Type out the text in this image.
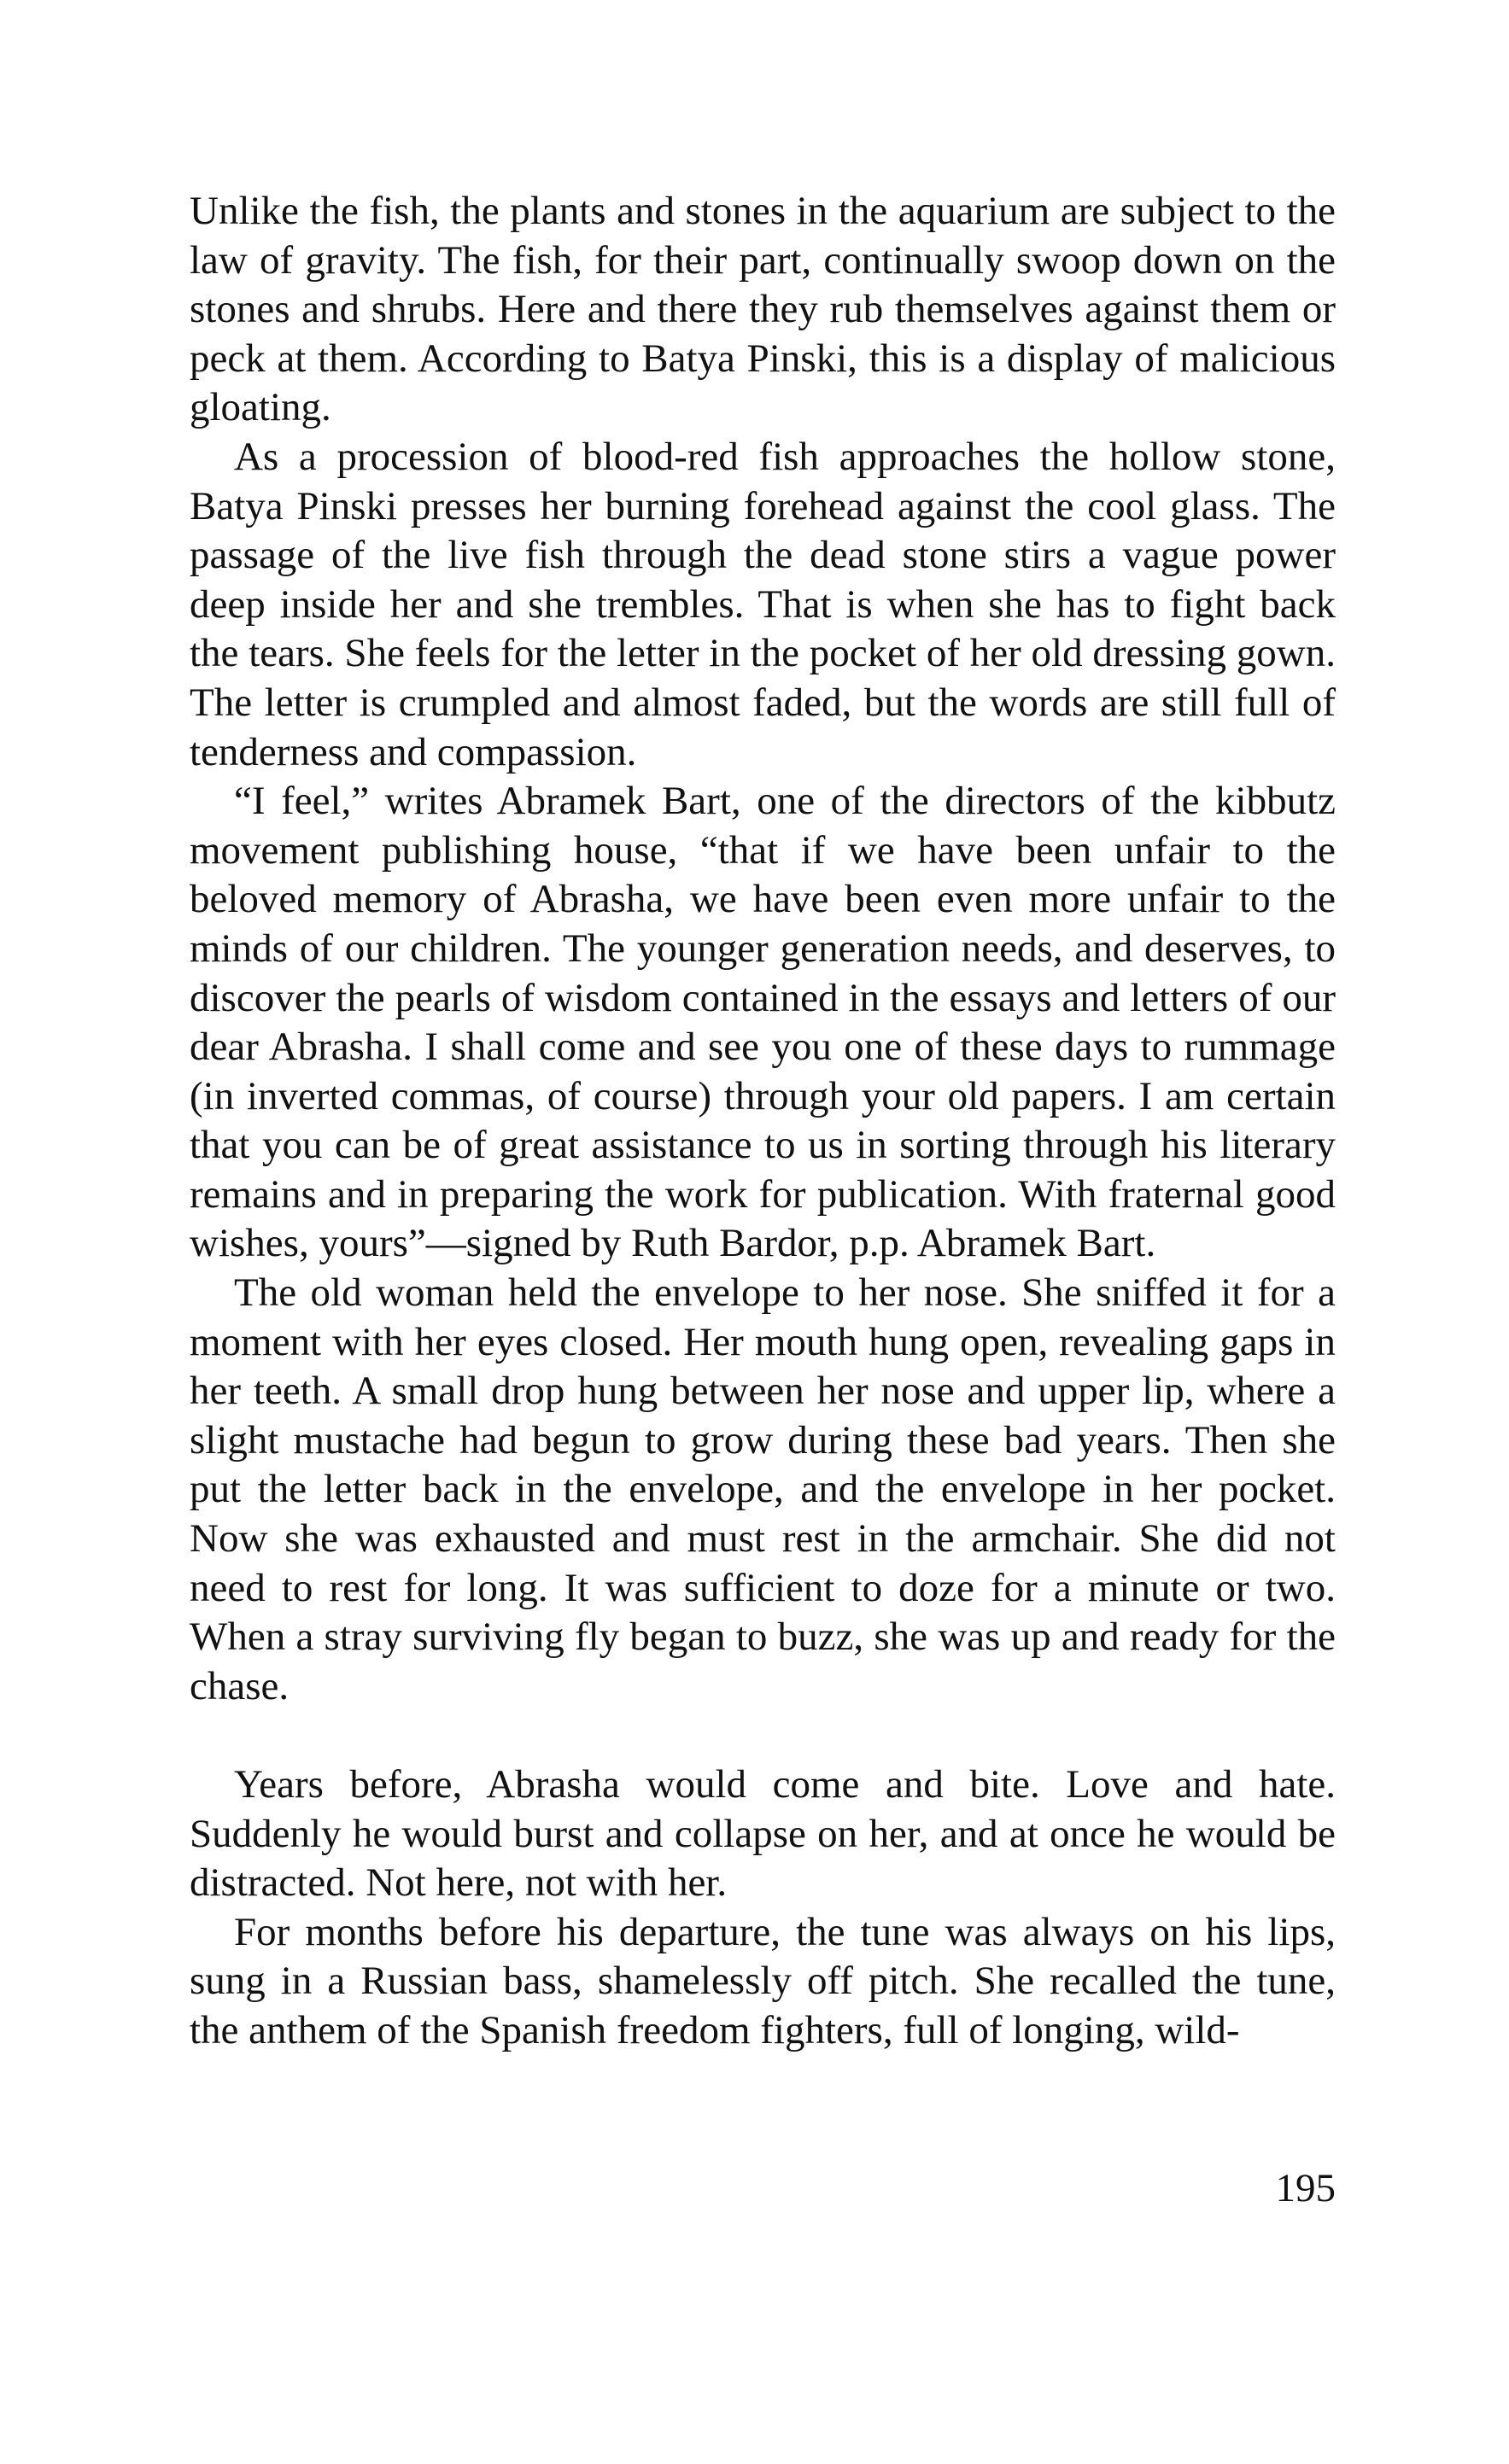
Unlike the fish, the plants and stones in the aquarium are subject to the law of gravity. The fish, for their part, continually swoop down on the stones and shrubs. Here and there they rub themselves against them or peck at them. According to Batya Pinski, this is a display of malicious gloating.

As a procession of blood-red fish approaches the hollow stone, Batya Pinski presses her burning forehead against the cool glass. The passage of the live fish through the dead stone stirs a vague power deep inside her and she trembles. That is when she has to fight back the tears. She feels for the letter in the pocket of her old dressing gown. The letter is crumpled and almost faded, but the words are still full of tenderness and compassion.

“I feel,” writes Abramek Bart, one of the directors of the kibbutz movement publishing house, “that if we have been unfair to the beloved memory of Abrasha, we have been even more unfair to the minds of our children. The younger generation needs, and deserves, to discover the pearls of wisdom contained in the essays and letters of our dear Abrasha. I shall come and see you one of these days to rummage (in inverted commas, of course) through your old papers. I am certain that you can be of great assistance to us in sorting through his literary remains and in preparing the work for publication. With fraternal good wishes, yours”—signed by Ruth Bardor, p.p. Abramek Bart.

The old woman held the envelope to her nose. She sniffed it for a moment with her eyes closed. Her mouth hung open, revealing gaps in her teeth. A small drop hung between her nose and upper lip, where a slight mustache had begun to grow during these bad years. Then she put the letter back in the envelope, and the envelope in her pocket. Now she was exhausted and must rest in the armchair. She did not need to rest for long. It was sufficient to doze for a minute or two. When a stray surviving fly began to buzz, she was up and ready for the chase.

Years before, Abrasha would come and bite. Love and hate. Suddenly he would burst and collapse on her, and at once he would be distracted. Not here, not with her.

For months before his departure, the tune was always on his lips, sung in a Russian bass, shamelessly off pitch. She recalled the tune, the anthem of the Spanish freedom fighters, full of longing, wild-

195
